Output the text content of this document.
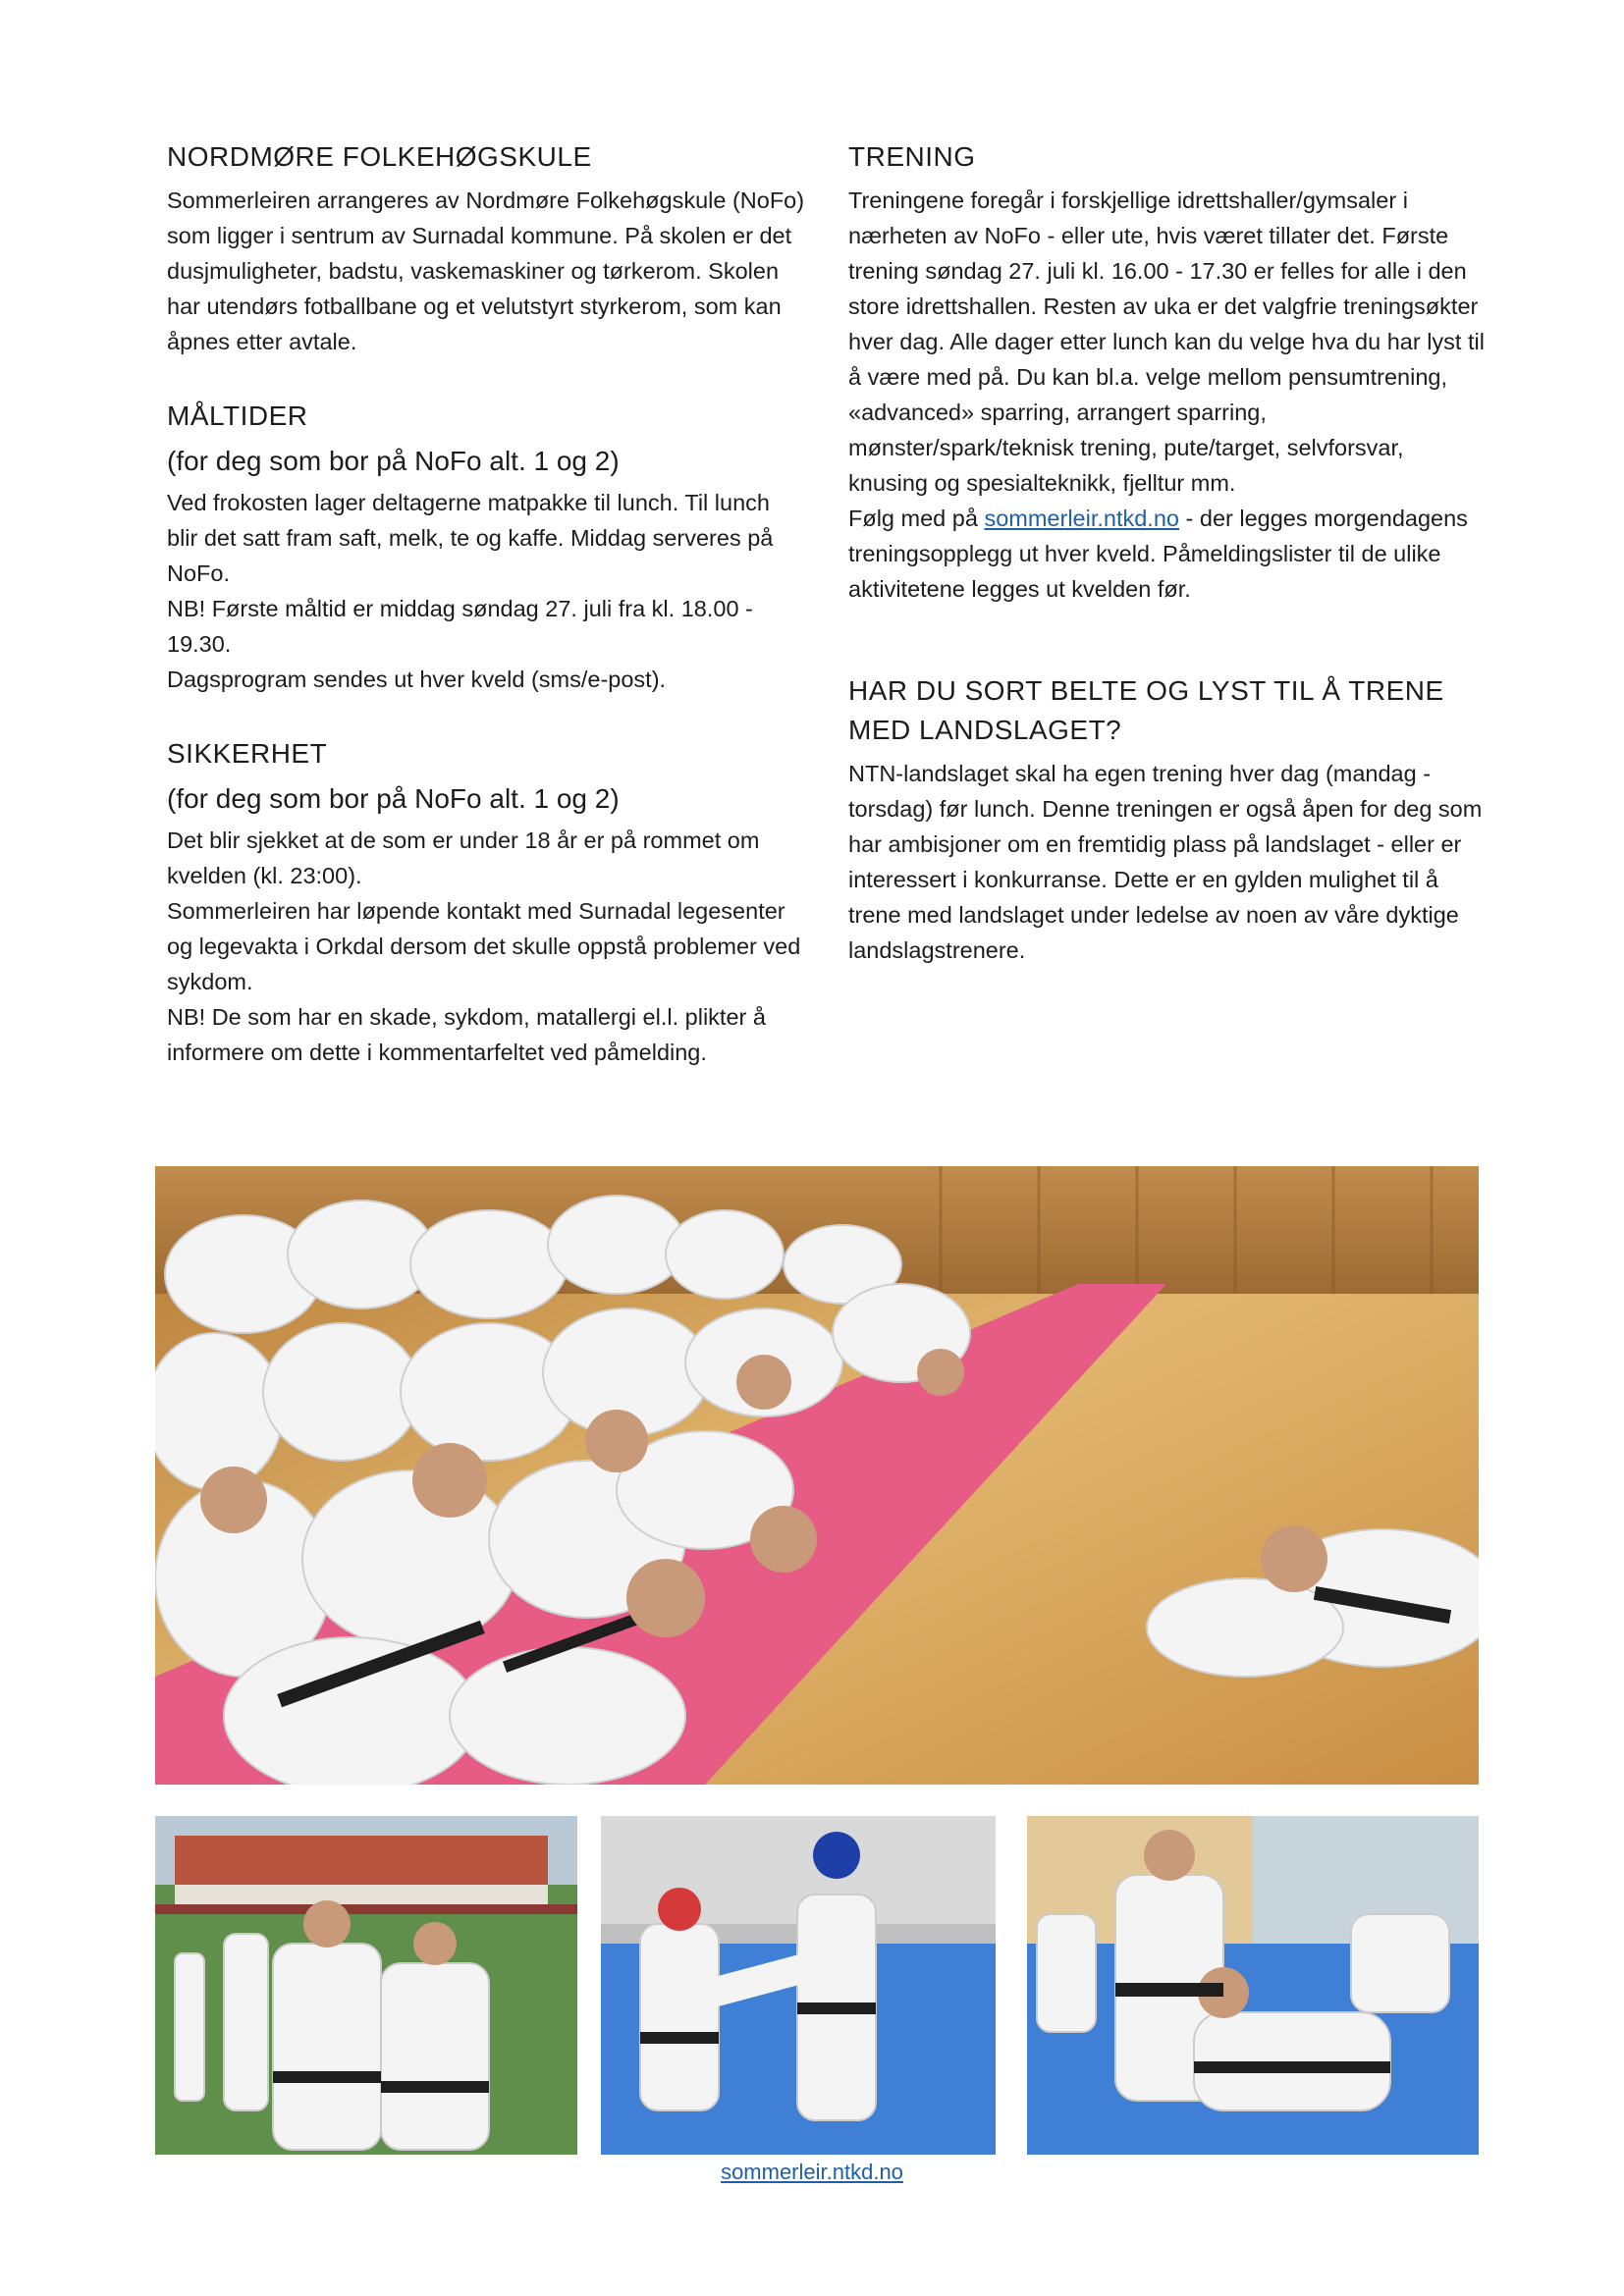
NORDMØRE FOLKEHØGSKULE

Sommerleiren arrangeres av Nordmøre Folkehøgskule (NoFo) som ligger i sentrum av Surnadal kommune. På skolen er det dusjmuligheter, badstu, vaskemaskiner og tørkerom. Skolen har utendørs fotballbane og et velutstyrt styrkerom, som kan åpnes etter avtale.

MÅLTIDER
(for deg som bor på NoFo alt. 1 og 2)

Ved frokosten lager deltagerne matpakke til lunch. Til lunch blir det satt fram saft, melk, te og kaffe. Middag serveres på NoFo.
NB! Første måltid er middag søndag 27. juli fra kl. 18.00 - 19.30.
Dagsprogram sendes ut hver kveld (sms/e-post).

SIKKERHET
(for deg som bor på NoFo alt. 1 og 2)

Det blir sjekket at de som er under 18 år er på rommet om kvelden (kl. 23:00).
Sommerleiren har løpende kontakt med Surnadal legesenter og legevakta i Orkdal dersom det skulle oppstå problemer ved sykdom.
NB! De som har en skade, sykdom, matallergi el.l. plikter å informere om dette i kommentarfeltet ved påmelding.

TRENING

Treningene foregår i forskjellige idrettshaller/gymsaler i nærheten av NoFo - eller ute, hvis været tillater det. Første trening søndag 27. juli kl. 16.00 - 17.30 er felles for alle i den store idrettshallen. Resten av uka er det valgfrie treningsøkter hver dag. Alle dager etter lunch kan du velge hva du har lyst til å være med på. Du kan bl.a. velge mellom pensumtrening, «advanced» sparring, arrangert sparring, mønster/spark/teknisk trening, pute/target, selvforsvar, knusing og spesialteknikk, fjelltur mm.
Følg med på sommerleir.ntkd.no - der legges morgendagens treningsopplegg ut hver kveld. Påmeldingslister til de ulike aktivitetene legges ut kvelden før.

HAR DU SORT BELTE OG LYST TIL Å TRENE MED LANDSLAGET?

NTN-landslaget skal ha egen trening hver dag (mandag - torsdag) før lunch. Denne treningen er også åpen for deg som har ambisjoner om en fremtidig plass på landslaget - eller er interessert i konkurranse. Dette er en gylden mulighet til å trene med landslaget under ledelse av noen av våre dyktige landslagstrenere.

sommerleir.ntkd.no
